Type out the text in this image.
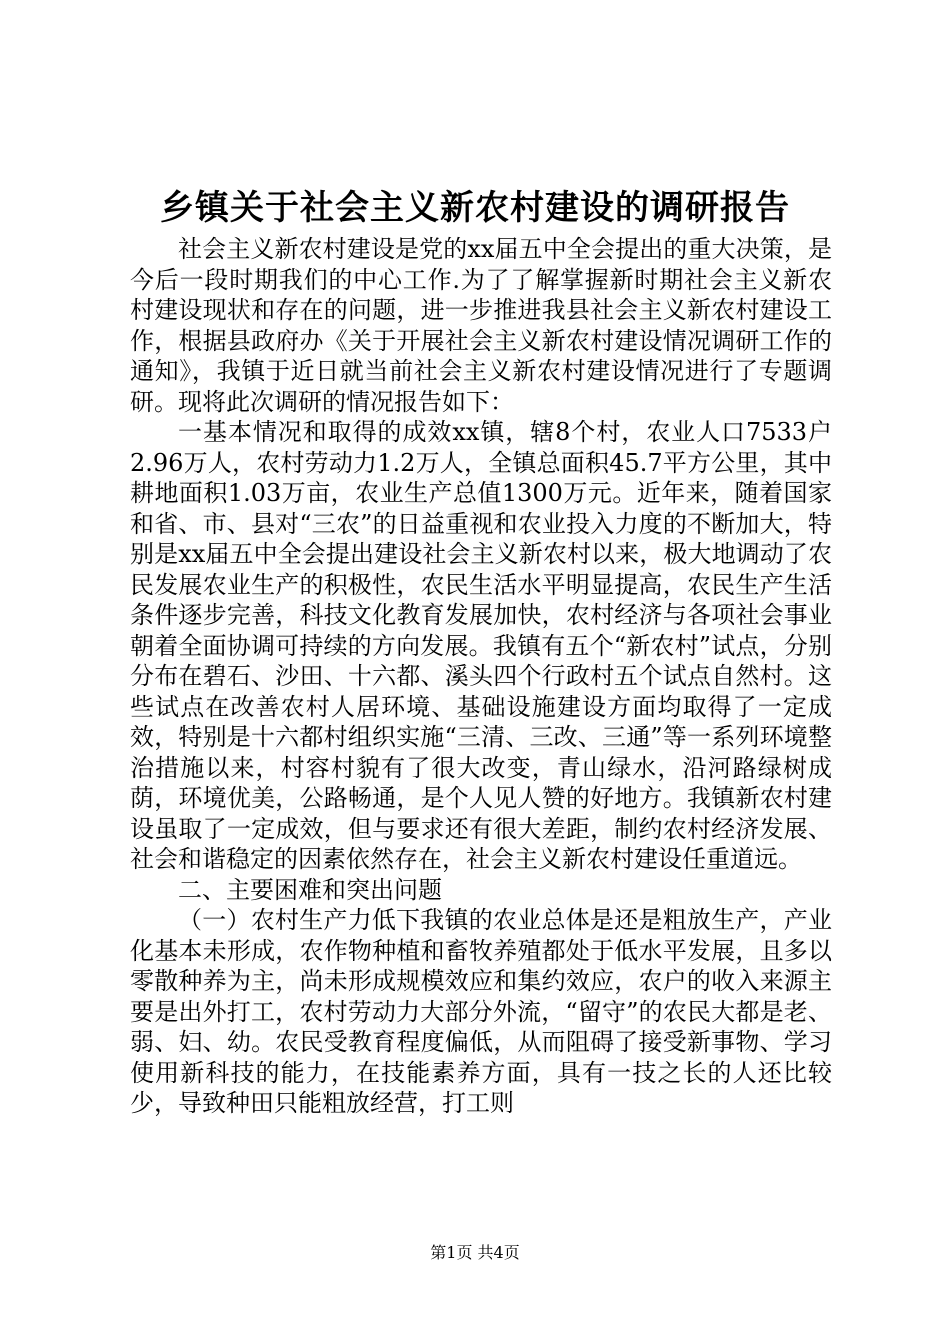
乡镇关于社会主义新农村建设的调研报告

社会主义新农村建设是党的xx届五中全会提出的重大决策，是今后一段时期我们的中心工作.为了了解掌握新时期社会主义新农村建设现状和存在的问题，进一步推进我县社会主义新农村建设工作，根据县政府办《关于开展社会主义新农村建设情况调研工作的通知》，我镇于近日就当前社会主义新农村建设情况进行了专题调研。现将此次调研的情况报告如下：

一基本情况和取得的成效xx镇，辖8个村，农业人口7533户2.96万人，农村劳动力1.2万人，全镇总面积45.7平方公里，其中耕地面积1.03万亩，农业生产总值1300万元。近年来，随着国家和省、市、县对“三农”的日益重视和农业投入力度的不断加大，特别是xx届五中全会提出建设社会主义新农村以来，极大地调动了农民发展农业生产的积极性，农民生活水平明显提高，农民生产生活条件逐步完善，科技文化教育发展加快，农村经济与各项社会事业朝着全面协调可持续的方向发展。我镇有五个“新农村”试点，分别分布在碧石、沙田、十六都、溪头四个行政村五个试点自然村。这些试点在改善农村人居环境、基础设施建设方面均取得了一定成效，特别是十六都村组织实施“三清、三改、三通”等一系列环境整治措施以来，村容村貌有了很大改变，青山绿水，沿河路绿树成荫，环境优美，公路畅通，是个人见人赞的好地方。我镇新农村建设虽取了一定成效，但与要求还有很大差距，制约农村经济发展、社会和谐稳定的因素依然存在，社会主义新农村建设任重道远。

二、主要困难和突出问题

（一）农村生产力低下我镇的农业总体是还是粗放生产，产业化基本未形成，农作物种植和畜牧养殖都处于低水平发展，且多以零散种养为主，尚未形成规模效应和集约效应，农户的收入来源主要是出外打工，农村劳动力大部分外流，“留守”的农民大都是老、弱、妇、幼。农民受教育程度偏低，从而阻碍了接受新事物、学习使用新科技的能力，在技能素养方面，具有一技之长的人还比较少，导致种田只能粗放经营，打工则

第1页 共4页
